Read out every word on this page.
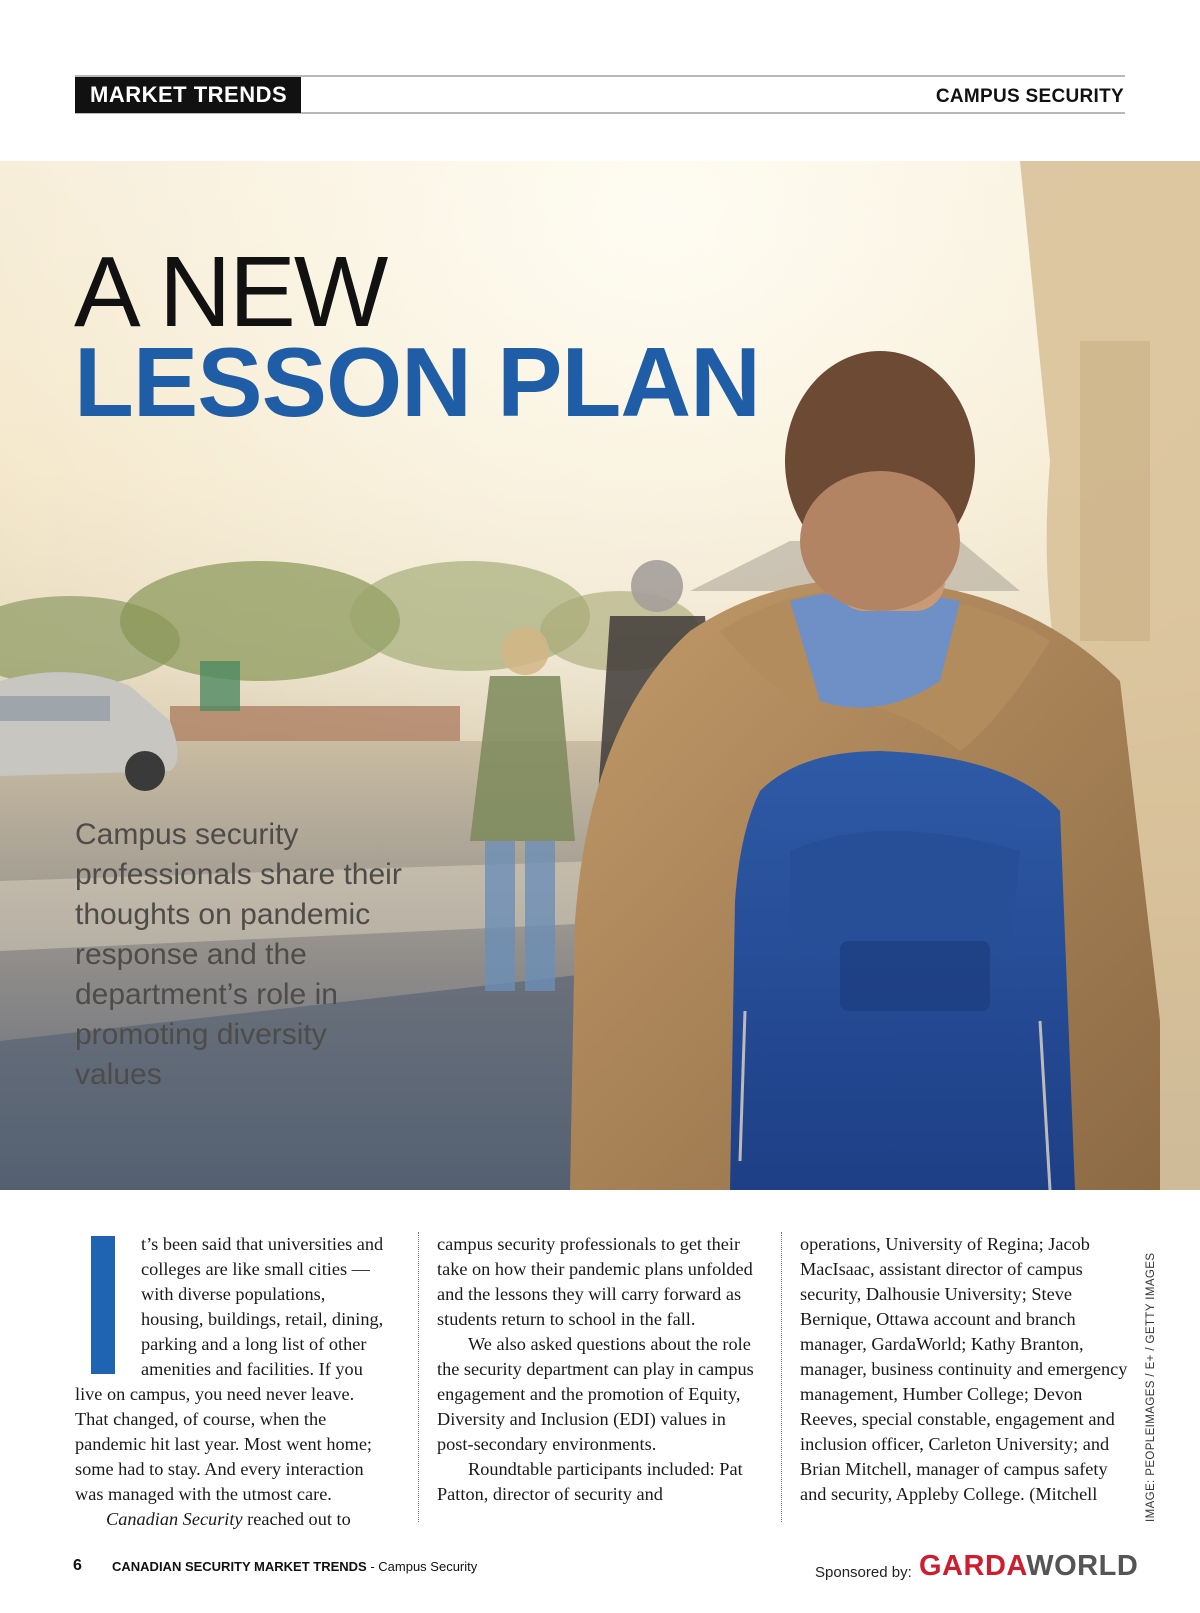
MARKET TRENDS	CAMPUS SECURITY
A NEW
LESSON PLAN
Campus security professionals share their thoughts on pandemic response and the department’s role in promoting diversity values

t’s been said that universities and colleges are like small cities — with diverse populations, housing, buildings, retail, dining, parking and a long list of other amenities and facilities. If you live on campus, you need never leave. That changed, of course, when the pandemic hit last year. Most went home; some had to stay. And every interaction was managed with the utmost care.

Canadian Security reached out to

campus security professionals to get their take on how their pandemic plans unfolded and the lessons they will carry forward as students return to school in the fall.

We also asked questions about the role the security department can play in campus engagement and the promotion of Equity, Diversity and Inclusion (EDI) values in post-secondary environments.

Roundtable participants included: Pat Patton, director of security and

operations, University of Regina; Jacob MacIsaac, assistant director of campus security, Dalhousie University; Steve Bernique, Ottawa account and branch manager, GardaWorld; Kathy Branton, manager, business continuity and emergency management, Humber College; Devon Reeves, special constable, engagement and inclusion officer, Carleton University; and Brian Mitchell, manager of campus safety and security, Appleby College. (Mitchell	IMAGE: PEOPLEIMAGES / E+ / GETTY IMAGES
6 CANADIAN SECURITY MARKET TRENDS - Campus Security	Sponsored by: GARDAWORLD
